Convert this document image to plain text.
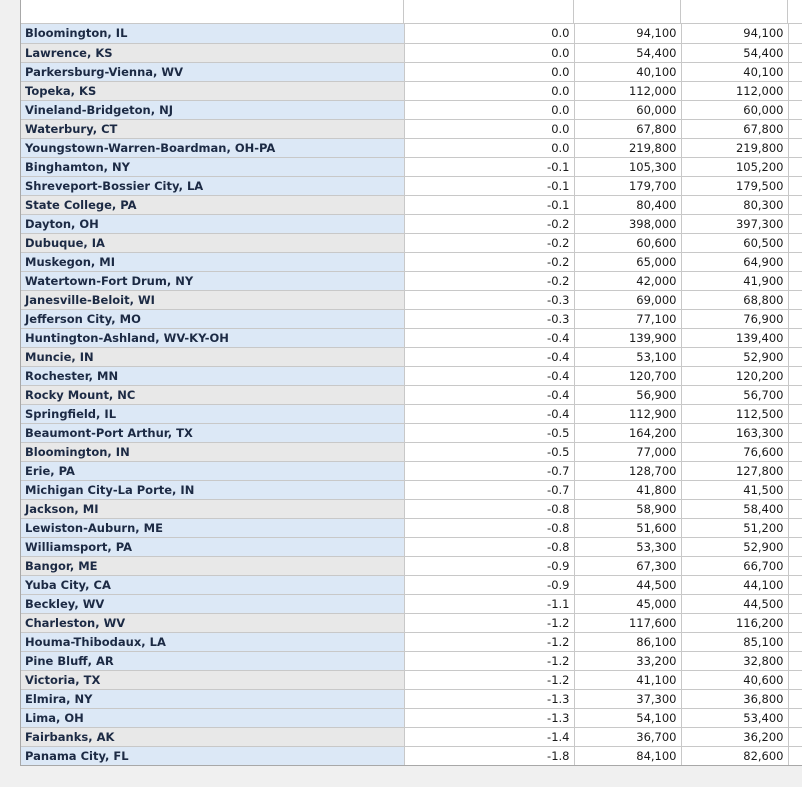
Bloomington, IL	0.0	94,100	94,100	
Lawrence, KS	0.0	54,400	54,400	
Parkersburg-Vienna, WV	0.0	40,100	40,100	
Topeka, KS	0.0	112,000	112,000	
Vineland-Bridgeton, NJ	0.0	60,000	60,000	
Waterbury, CT	0.0	67,800	67,800	
Youngstown-Warren-Boardman, OH-PA	0.0	219,800	219,800	
Binghamton, NY	-0.1	105,300	105,200	
Shreveport-Bossier City, LA	-0.1	179,700	179,500	
State College, PA	-0.1	80,400	80,300	
Dayton, OH	-0.2	398,000	397,300	
Dubuque, IA	-0.2	60,600	60,500	
Muskegon, MI	-0.2	65,000	64,900	
Watertown-Fort Drum, NY	-0.2	42,000	41,900	
Janesville-Beloit, WI	-0.3	69,000	68,800	
Jefferson City, MO	-0.3	77,100	76,900	
Huntington-Ashland, WV-KY-OH	-0.4	139,900	139,400	
Muncie, IN	-0.4	53,100	52,900	
Rochester, MN	-0.4	120,700	120,200	
Rocky Mount, NC	-0.4	56,900	56,700	
Springfield, IL	-0.4	112,900	112,500	
Beaumont-Port Arthur, TX	-0.5	164,200	163,300	
Bloomington, IN	-0.5	77,000	76,600	
Erie, PA	-0.7	128,700	127,800	
Michigan City-La Porte, IN	-0.7	41,800	41,500	
Jackson, MI	-0.8	58,900	58,400	
Lewiston-Auburn, ME	-0.8	51,600	51,200	
Williamsport, PA	-0.8	53,300	52,900	
Bangor, ME	-0.9	67,300	66,700	
Yuba City, CA	-0.9	44,500	44,100	
Beckley, WV	-1.1	45,000	44,500	
Charleston, WV	-1.2	117,600	116,200	
Houma-Thibodaux, LA	-1.2	86,100	85,100	
Pine Bluff, AR	-1.2	33,200	32,800	
Victoria, TX	-1.2	41,100	40,600	
Elmira, NY	-1.3	37,300	36,800	
Lima, OH	-1.3	54,100	53,400	
Fairbanks, AK	-1.4	36,700	36,200	
Panama City, FL	-1.8	84,100	82,600	
